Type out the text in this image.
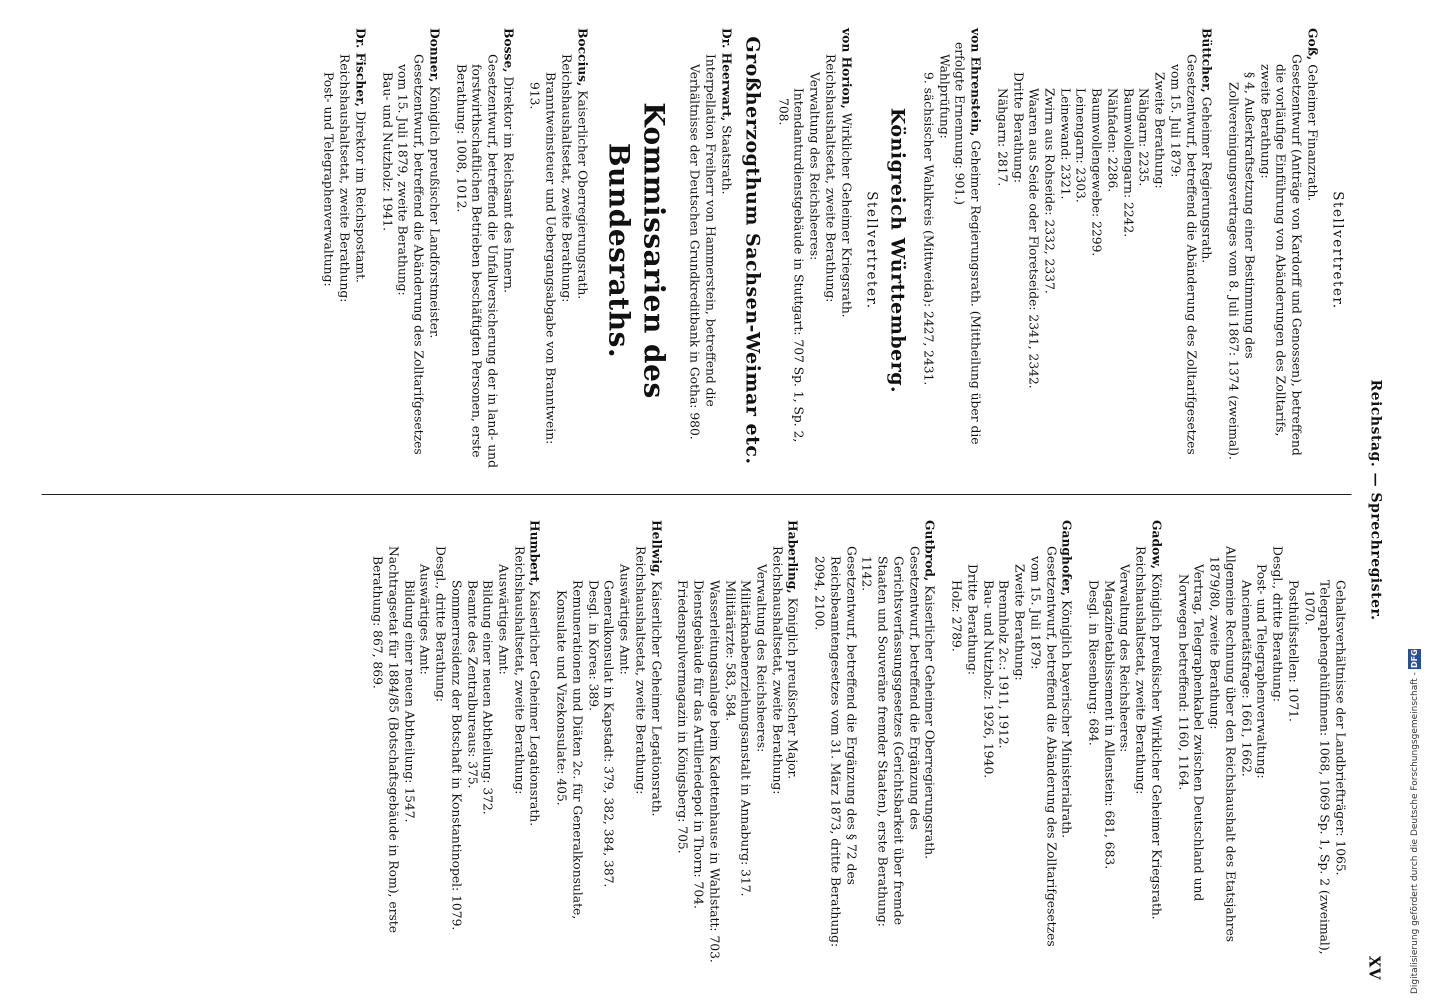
Reichstag. — Sprechregister.
XV
Stellvertreter.
Goß, Geheimer Finanzrath.

Gesetzentwurf (Anträge von Kardorff und Genossen), betreffend die vorläufige Einführung von Abänderungen des Zolltarifs, zweite Berathung:

§ 4, Außerkraftsetzung einer Bestimmung des Zollvereinigungsvertrages vom 8. Juli 1867: 1374 (zweimal).

Büttcher, Geheimer Regierungsrath.

Gesetzentwurf, betreffend die Abänderung des Zolltarifgesetzes vom 15. Juli 1879:

Zweite Berathung:

Nähgarn: 2235.

Baumwollengarn: 2242.

Nähfaden: 2286.

Baumwollengewebe: 2299.

Leinengarn: 2303.

Leinewand: 2321.

Zwirn aus Rohseide: 2332, 2337.

Waaren aus Seide oder Floretseide: 2341, 2342.

Dritte Berathung:

Nähgarn: 2817.

von Ehrenstein, Geheimer Regierungsrath. (Mittheilung über die erfolgte Ernennung: 901.)

Wahlprüfung:

9. sächsischer Wahlkreis (Mittweida): 2427, 2431.

Königreich Württemberg.
Stellvertreter.
von Horion, Wirklicher Geheimer Kriegsrath.

Reichshaushaltsetat, zweite Berathung:

Verwaltung des Reichsheeres:

Intendanturdienstgebäude in Stuttgart: 707 Sp. 1, Sp. 2, 708.

Großherzogthum Sachsen-Weimar etc.
Dr. Heerwart, Staatsrath.

Interpellation Freiherr von Hammerstein, betreffend die Verhältnisse der Deutschen Grundkreditbank in Gotha: 980.

Kommissarien des Bundesraths.
Boccius, Kaiserlicher Oberregierungsrath.

Reichshaushaltsetat, zweite Berathung:

Branntweinsteuer und Uebergangsabgabe von Branntwein: 913.

Bosse, Direktor im Reichsamt des Innern.

Gesetzentwurf, betreffend die Unfallversicherung der in land- und forstwirthschaftlichen Betrieben beschäftigten Personen, erste Berathung: 1008, 1012.

Donner, Königlich preußischer Landforstmeister.

Gesetzentwurf, betreffend die Abänderung des Zolltarifgesetzes vom 15. Juli 1879, zweite Berathung:

Bau- und Nutzholz: 1941.

Dr. Fischer, Direktor im Reichspostamt.

Reichshaushaltsetat, zweite Berathung:

Post- und Telegraphenverwaltung:

Gehaltsverhältnisse der Landbriefträger: 1065.

Telegraphengehülfinnen: 1068, 1069 Sp. 1, Sp. 2 (zweimal), 1070.

Posthülfsstellen: 1071.

Desgl., dritte Berathung:

Post- und Telegraphenverwaltung:

Anciennetätsfrage: 1661, 1662.

Allgemeine Rechnung über den Reichshaushalt des Etatsjahres 1879/80, zweite Berathung:

Vertrag, Telegraphenkabel zwischen Deutschland und Norwegen betreffend: 1160, 1164.

Gadow, Königlich preußischer Wirklicher Geheimer Kriegsrath.

Reichshaushaltsetat, zweite Berathung:

Verwaltung des Reichsheeres:

Magazinetablissement in Allenstein: 681, 683.

Desgl. in Riesenburg: 684.

Ganghofer, Königlich bayerischer Ministerialrath.

Gesetzentwurf, betreffend die Abänderung des Zolltarifgesetzes vom 15. Juli 1879:

Zweite Berathung:

Brennholz 2c.: 1911, 1912.

Bau- und Nutzholz: 1926, 1940.

Dritte Berathung:

Holz: 2789.

Gutbrod, Kaiserlicher Geheimer Oberregierungsrath.

Gesetzentwurf, betreffend die Ergänzung des Gerichtsverfassungsgesetzes (Gerichtsbarkeit über fremde Staaten und Souveräne fremder Staaten), erste Berathung: 1142.

Gesetzentwurf, betreffend die Ergänzung des § 72 des Reichsbeamtengesetzes vom 31. März 1873, dritte Berathung: 2094, 2100.

Haberling, Königlich preußischer Major.

Reichshaushaltsetat, zweite Berathung:

Verwaltung des Reichsheeres:

Militärknabenerziehungsanstalt in Annaburg: 317.

Militärärzte: 583, 584.

Wasserleitungsanlage beim Kadettenhause in Wahlstatt: 703.

Dienstgebäude für das Artilleriedepot in Thorn: 704.

Friedenspulvermagazin in Königsberg: 705.

Hellwig, Kaiserlicher Geheimer Legationsrath.

Reichshaushaltsetat, zweite Berathung:

Auswärtiges Amt:

Generalkonsulat in Kapstadt: 379, 382, 384, 387.

Desgl. in Korea: 389.

Remunerationen und Diäten 2c. für Generalkonsulate, Konsulate und Vizekonsulate: 405.

Humbert, Kaiserlicher Geheimer Legationsrath.

Reichshaushaltsetat, zweite Berathung:

Auswärtiges Amt:

Bildung einer neuen Abtheilung: 372.

Beamte des Zentralbureaus: 375.

Sommerresidenz der Botschaft in Konstantinopel: 1079.

Desgl., dritte Berathung:

Auswärtiges Amt:

Bildung einer neuen Abtheilung: 1547.

Nachtragsetat für 1884/85 (Botschaftsgebäude in Rom), erste Berathung: 867, 869.

Digitalisierung gefördert durch die Deutsche Forschungsgemeinschaft - DFG
